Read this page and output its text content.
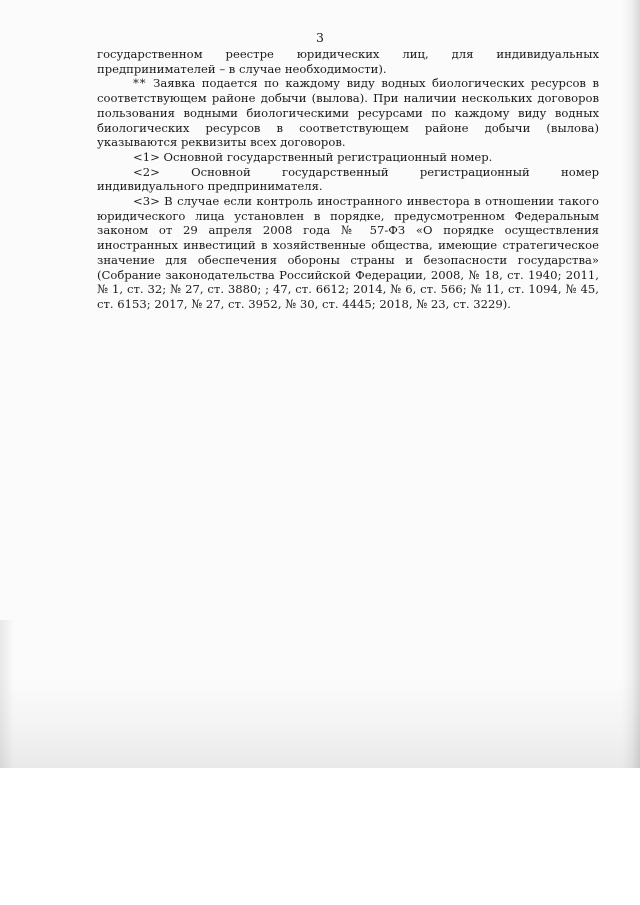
3

государственном реестре юридических лиц, для индивидуальных предпринимателей – в случае необходимости).

** Заявка подается по каждому виду водных биологических ресурсов в соответствующем районе добычи (вылова). При наличии нескольких договоров пользования водными биологическими ресурсами по каждому виду водных биологических ресурсов в соответствующем районе добычи (вылова) указываются реквизиты всех договоров.

<1> Основной государственный регистрационный номер.

<2> Основной государственный регистрационный номер индивидуального предпринимателя.

<3> В случае если контроль иностранного инвестора в отношении такого юридического лица установлен в порядке, предусмотренном Федеральным законом от 29 апреля 2008 года № 57-ФЗ «О порядке осуществления иностранных инвестиций в хозяйственные общества, имеющие стратегическое значение для обеспечения обороны страны и безопасности государства» (Собрание законодательства Российской Федерации, 2008, № 18, ст. 1940; 2011, № 1, ст. 32; № 27, ст. 3880; ; 47, ст. 6612; 2014, № 6, ст. 566; № 11, ст. 1094, № 45, ст. 6153; 2017, № 27, ст. 3952, № 30, ст. 4445; 2018, № 23, ст. 3229).
